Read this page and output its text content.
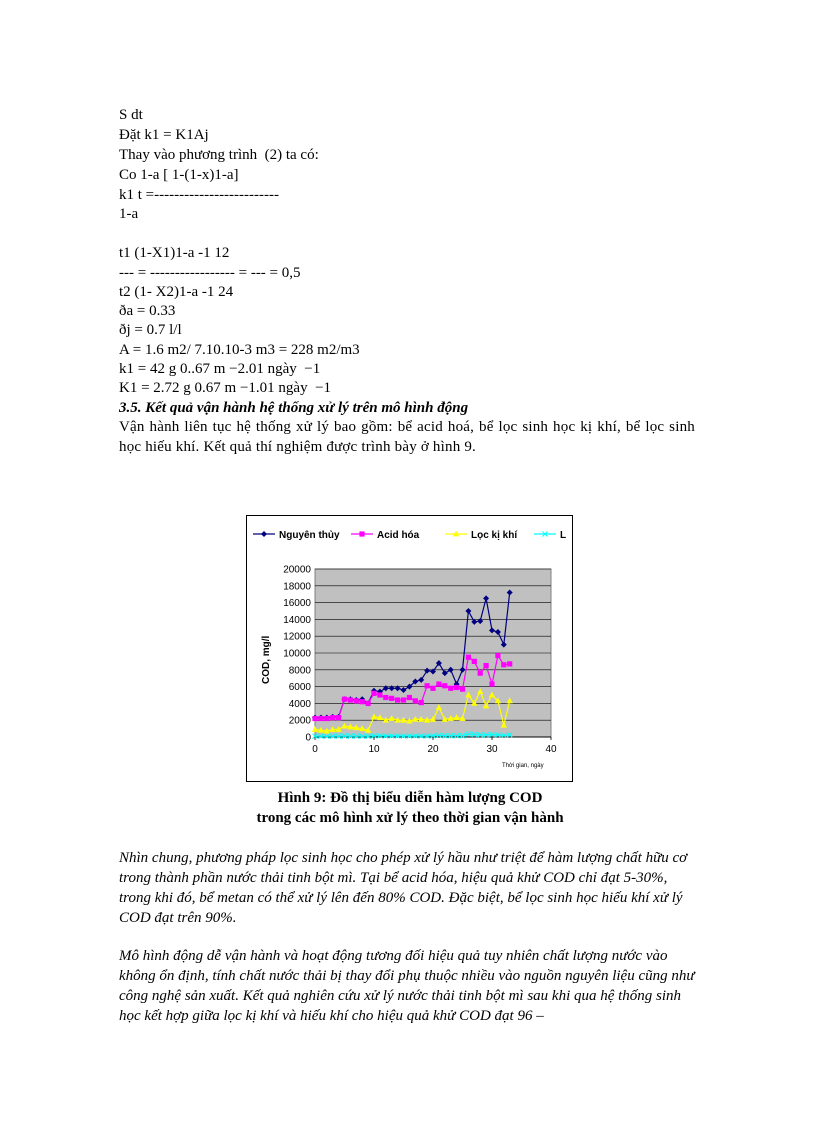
S dt
Đặt k1 = K1Aj
Thay vào phương trình  (2) ta có:
Co 1-a [ 1-(1-x)1-a]
k1 t =-------------------------
1-a
t1 (1-X1)1-a -1 12
--- = ----------------- = --- = 0,5
t2 (1- X2)1-a -1 24
ða = 0.33
ðj = 0.7 l/l
A = 1.6 m2/ 7.10.10-3 m3 = 228 m2/m3
k1 = 42 g 0..67 m −2.01 ngày  −1
K1 = 2.72 g 0.67 m −1.01 ngày  −1
3.5. Kết quả vận hành hệ thống xử lý trên mô hình động
Vận hành liên tục hệ thống xử lý bao gồm: bể acid hoá, bể lọc sinh học kị khí, bể lọc sinh học hiếu khí. Kết quả thí nghiệm được trình bày ở hình 9.
Nguyên thủy	Acid hóa	Lọc kị khí	L
0
2000
4000
6000
8000
10000
12000
14000
16000
18000
20000
0	10	20	30	40
COD, mg/l
Thời gian, ngày
Hình 9: Đồ thị biểu diễn hàm lượng COD
trong các mô hình xử lý theo thời gian vận hành
Nhìn chung, phương pháp lọc sinh học cho phép xử lý hầu như triệt để hàm lượng chất hữu cơ trong thành phần nước thải tinh bột mì. Tại bể acid hóa, hiệu quả khử COD chỉ đạt 5-30%, trong khi đó, bể metan có thể xử lý lên đến 80% COD. Đặc biệt, bể lọc sinh học hiếu khí xử lý COD đạt trên 90%.
Mô hình động dễ vận hành và hoạt động tương đối hiệu quả tuy nhiên chất lượng nước vào không ổn định, tính chất nước thải bị thay đổi phụ thuộc nhiều vào nguồn nguyên liệu cũng như công nghệ sản xuất. Kết quả nghiên cứu xử lý nước thải tinh bột mì sau khi qua hệ thống sinh học kết hợp giữa lọc kị khí và hiếu khí cho hiệu quả khử COD đạt 96 –
